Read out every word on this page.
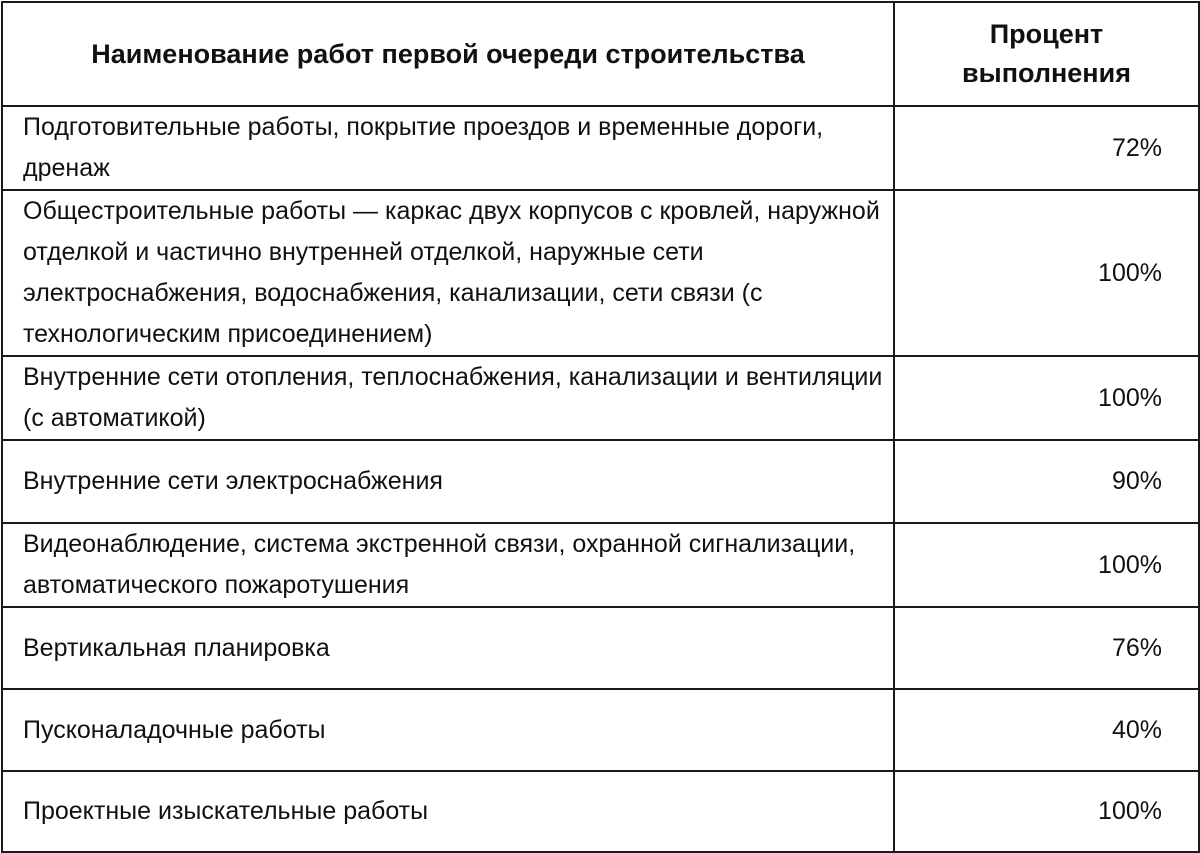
Наименование работ первой очереди строительства	Процент выполнения
Подготовительные работы, покрытие проездов и временные дороги, дренаж	72%
Общестроительные работы — каркас двух корпусов с кровлей, наружной отделкой и частично внутренней отделкой, наружные сети электроснабжения, водоснабжения, канализации, сети связи (с технологическим присоединением)	100%
Внутренние сети отопления, теплоснабжения, канализации и вентиляции (с автоматикой)	100%
Внутренние сети электроснабжения	90%
Видеонаблюдение, система экстренной связи, охранной сигнализации, автоматического пожаротушения	100%
Вертикальная планировка	76%
Пусконаладочные работы	40%
Проектные изыскательные работы	100%
